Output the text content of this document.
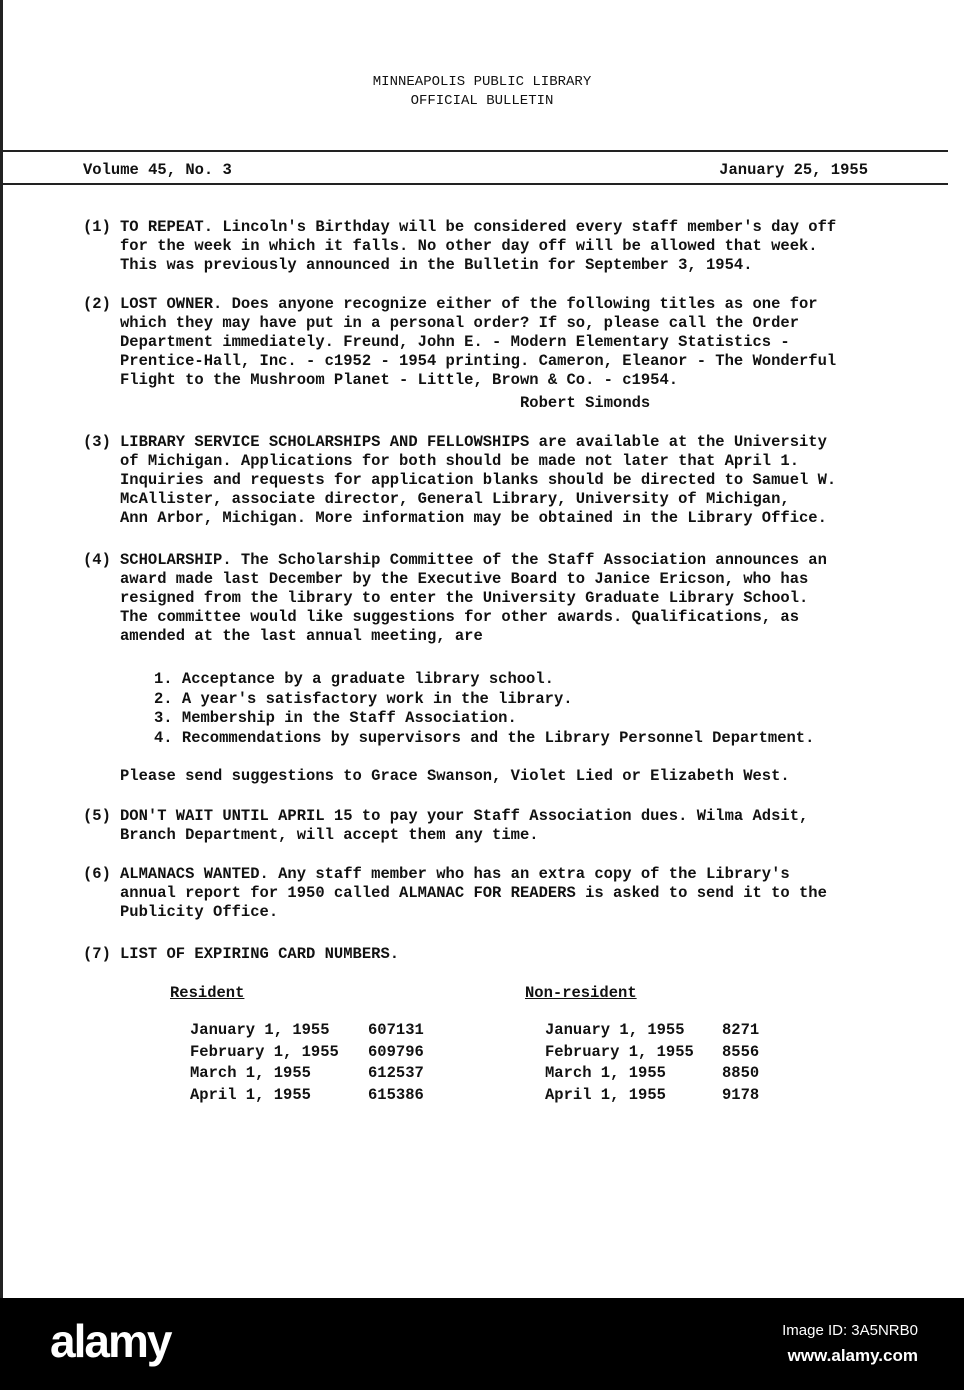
MINNEAPOLIS PUBLIC LIBRARY
OFFICIAL BULLETIN
Volume 45, No. 3	January 25, 1955
(1) TO REPEAT. Lincoln's Birthday will be considered every staff member's day off
for the week in which it falls. No other day off will be allowed that week.
This was previously announced in the Bulletin for September 3, 1954.
(2) LOST OWNER. Does anyone recognize either of the following titles as one for
which they may have put in a personal order? If so, please call the Order
Department immediately. Freund, John E. - Modern Elementary Statistics -
Prentice-Hall, Inc. - c1952 - 1954 printing. Cameron, Eleanor - The Wonderful
Flight to the Mushroom Planet - Little, Brown & Co. - c1954.
Robert Simonds
(3) LIBRARY SERVICE SCHOLARSHIPS AND FELLOWSHIPS are available at the University
of Michigan. Applications for both should be made not later that April 1.
Inquiries and requests for application blanks should be directed to Samuel W.
McAllister, associate director, General Library, University of Michigan,
Ann Arbor, Michigan. More information may be obtained in the Library Office.
(4) SCHOLARSHIP. The Scholarship Committee of the Staff Association announces an
award made last December by the Executive Board to Janice Ericson, who has
resigned from the library to enter the University Graduate Library School.
The committee would like suggestions for other awards. Qualifications, as
amended at the last annual meeting, are
1. Acceptance by a graduate library school.
2. A year's satisfactory work in the library.
3. Membership in the Staff Association.
4. Recommendations by supervisors and the Library Personnel Department.
Please send suggestions to Grace Swanson, Violet Lied or Elizabeth West.
(5) DON'T WAIT UNTIL APRIL 15 to pay your Staff Association dues. Wilma Adsit,
Branch Department, will accept them any time.
(6) ALMANACS WANTED. Any staff member who has an extra copy of the Library's
annual report for 1950 called ALMANAC FOR READERS is asked to send it to the
Publicity Office.
(7) LIST OF EXPIRING CARD NUMBERS.
Resident
January 1, 1955 607131
February 1, 1955 609796
March 1, 1955	612537
April 1, 1955	615386
Non-resident
January 1, 1955 8271
February 1, 1955 8556
March 1, 1955	8850
April 1, 1955	9178
alamy	Image ID: 3A5NRB0
www.alamy.com
